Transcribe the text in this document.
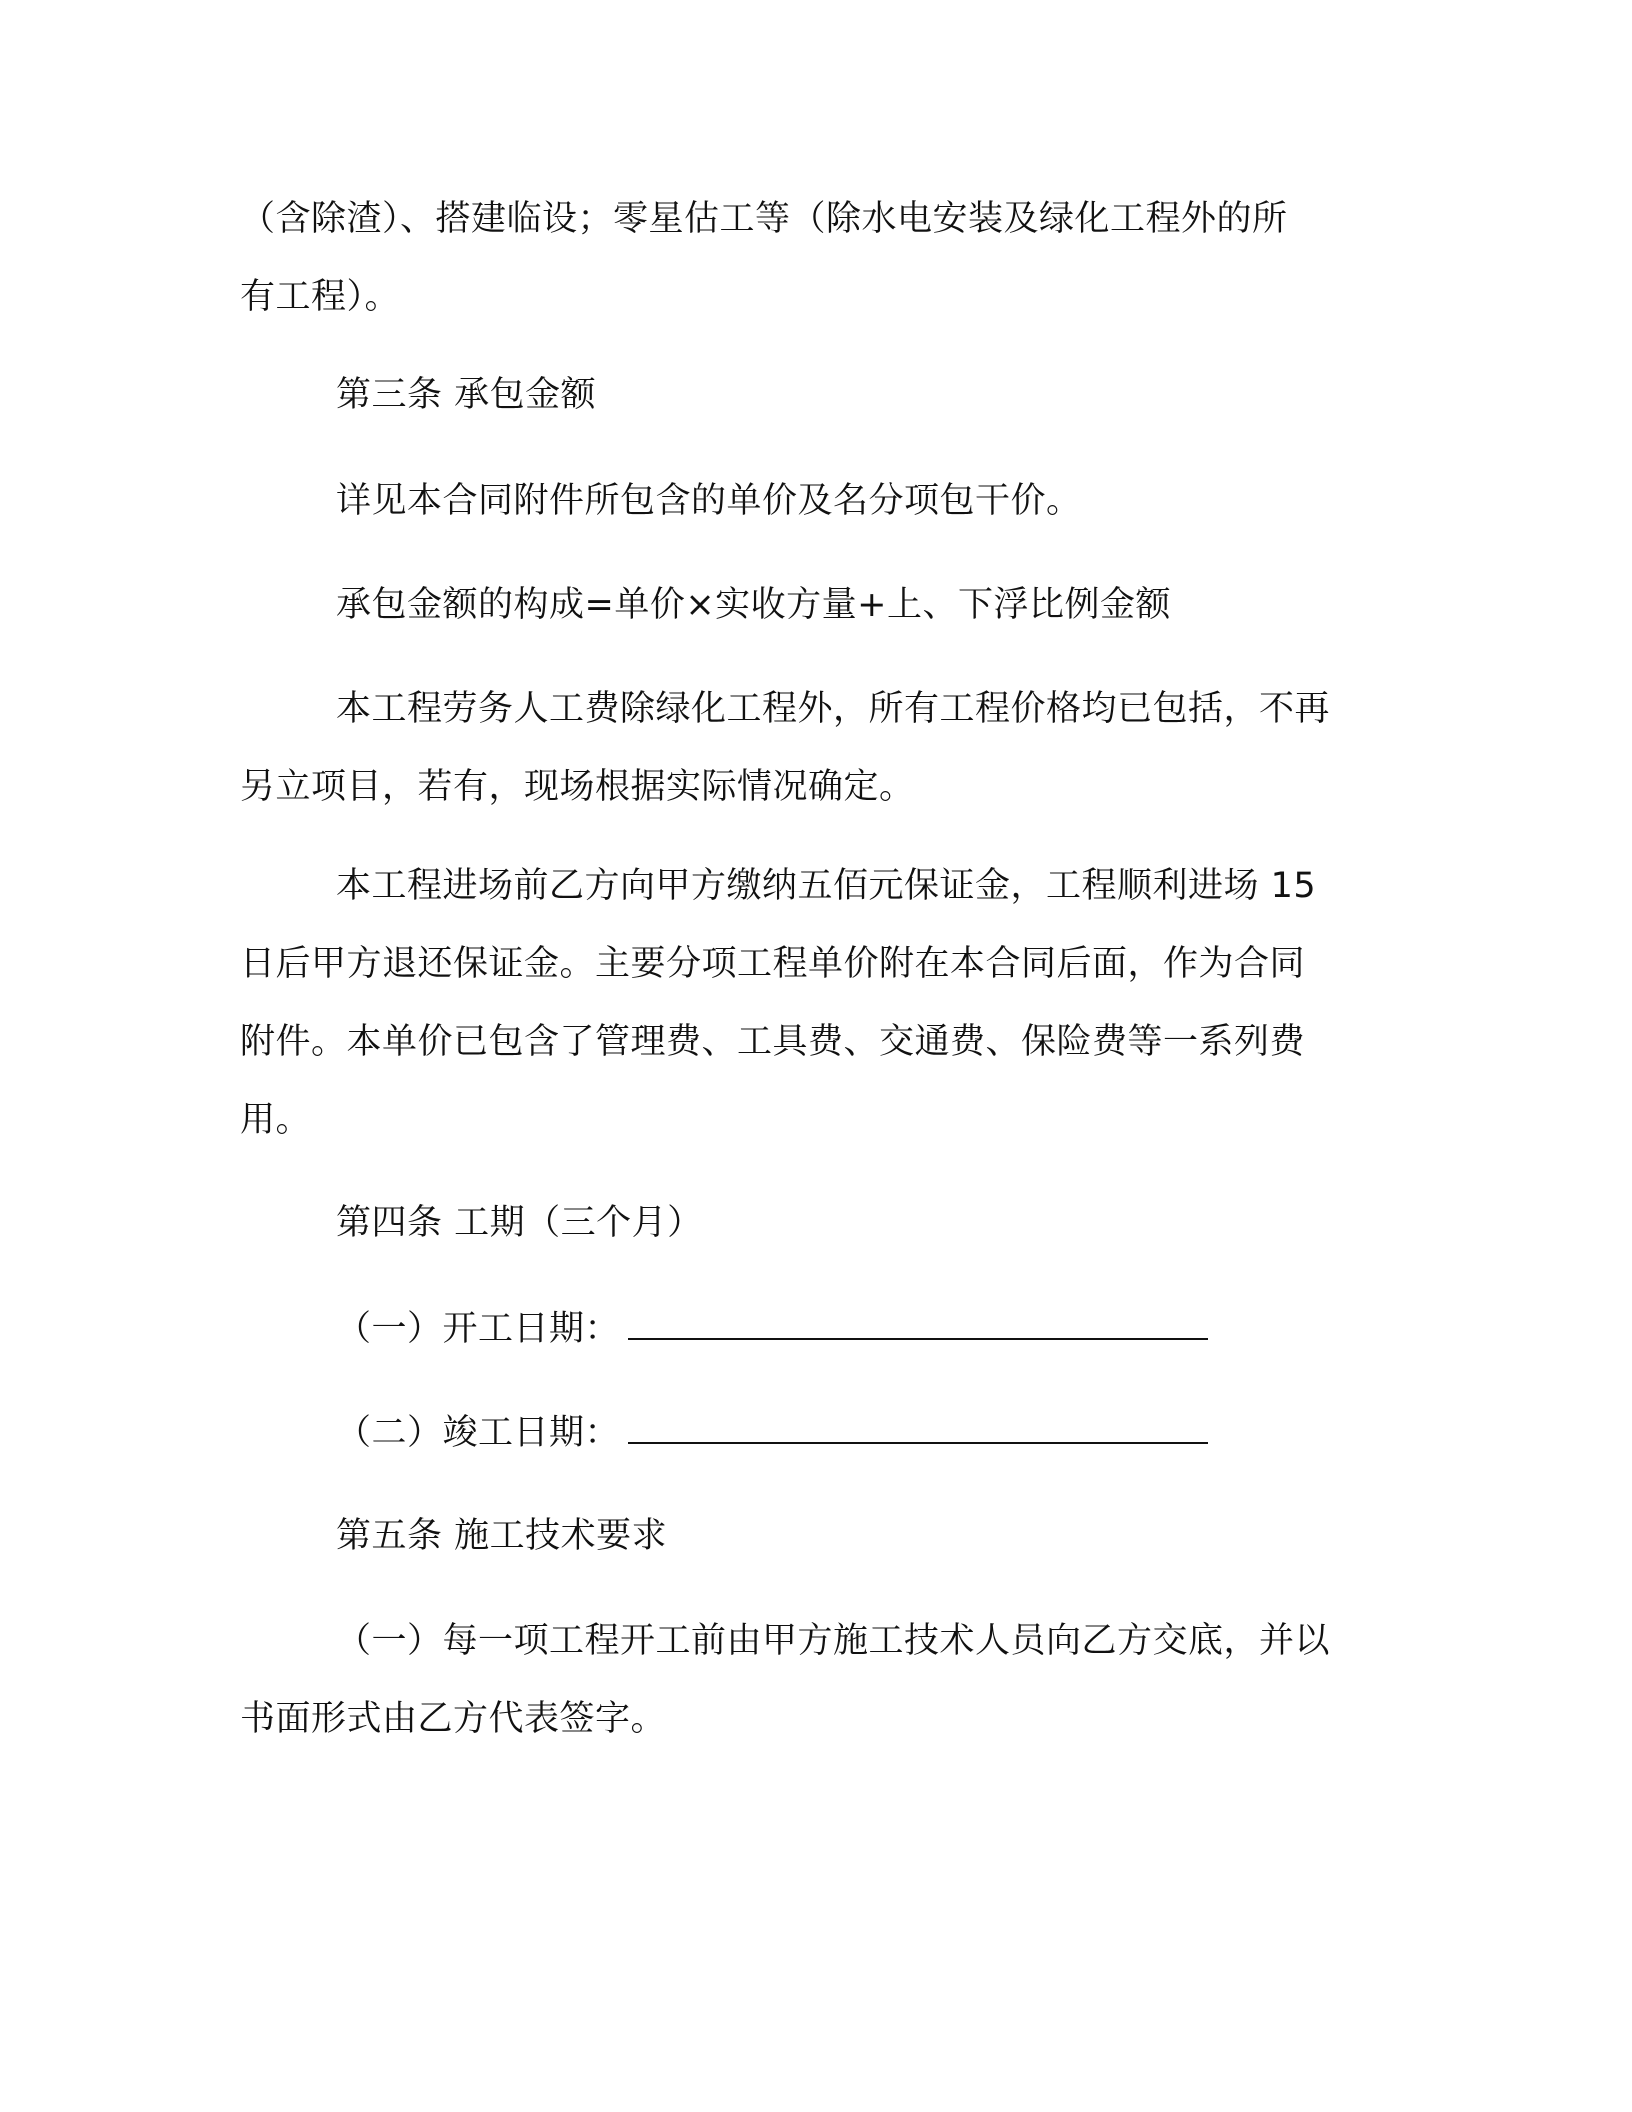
（含除渣）、搭建临设；零星估工等（除水电安装及绿化工程外的所
有工程）。

第三条 承包金额

详见本合同附件所包含的单价及名分项包干价。

承包金额的构成=单价×实收方量+上、下浮比例金额

本工程劳务人工费除绿化工程外，所有工程价格均已包括，不再
另立项目，若有，现场根据实际情况确定。

本工程进场前乙方向甲方缴纳五佰元保证金，工程顺利进场 15
日后甲方退还保证金。主要分项工程单价附在本合同后面，作为合同
附件。本单价已包含了管理费、工具费、交通费、保险费等一系列费
用。

第四条 工期（三个月）

（一）开工日期：

（二）竣工日期：

第五条 施工技术要求

（一）每一项工程开工前由甲方施工技术人员向乙方交底，并以
书面形式由乙方代表签字。
